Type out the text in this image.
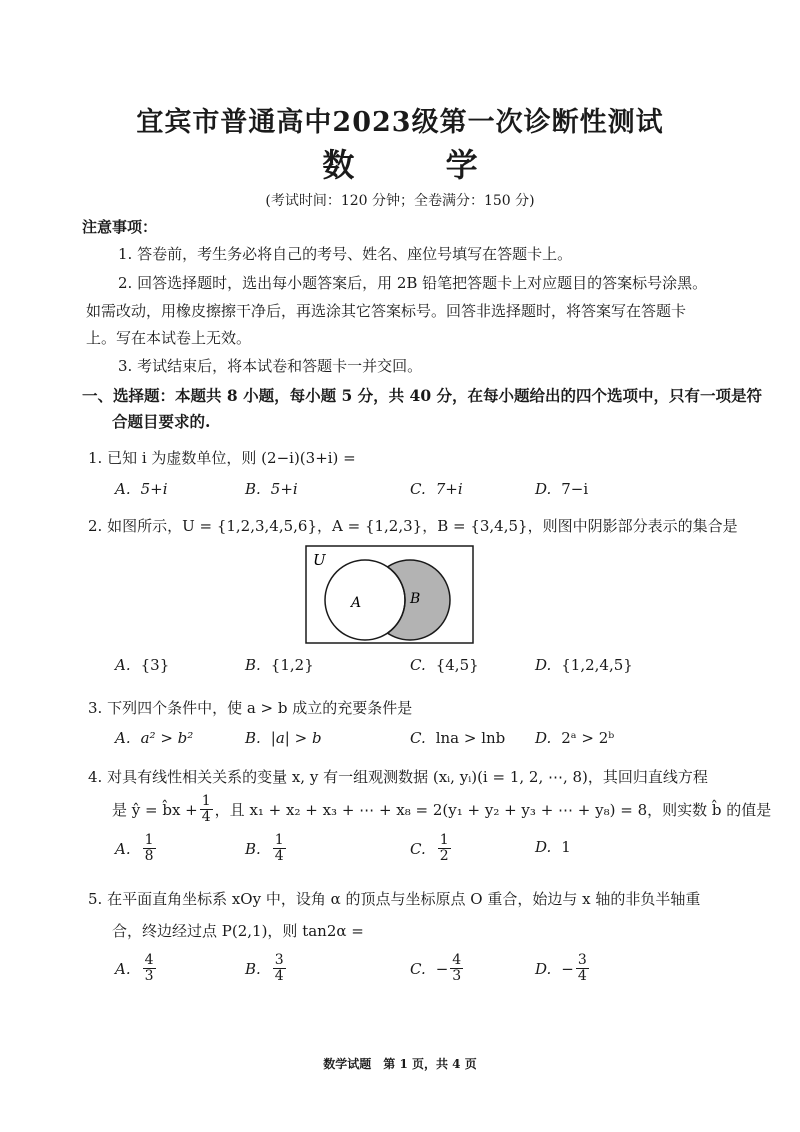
宜宾市普通高中2023级第一次诊断性测试
数 学
(考试时间：120 分钟；全卷满分：150 分)
注意事项：
1. 答卷前，考生务必将自己的考号、姓名、座位号填写在答题卡上。
2. 回答选择题时，选出每小题答案后，用 2B 铅笔把答题卡上对应题目的答案标号涂黑。
如需改动，用橡皮擦擦干净后，再选涂其它答案标号。回答非选择题时，将答案写在答题卡
上。写在本试卷上无效。
3. 考试结束后，将本试卷和答题卡一并交回。
一、选择题：本题共 8 小题，每小题 5 分，共 40 分，在每小题给出的四个选项中，只有一项是符
合题目要求的.
1. 已知 i 为虚数单位，则 (2−i)(3+i) =
A. 5+i	B. 5+i	C. 7+i	D. 7−i
2. 如图所示，U = {1,2,3,4,5,6}，A = {1,2,3}，B = {3,4,5}，则图中阴影部分表示的集合是
U
A	B
A. {3}	B. {1,2}	C. {4,5}	D. {1,2,4,5}
3. 下列四个条件中，使 a > b 成立的充要条件是
A. a² > b²	B. |a| > b	C. lna > lnb D. 2ᵃ > 2ᵇ
4. 对具有线性相关关系的变量 x, y 有一组观测数据 (xᵢ, yᵢ)(i = 1, 2, ⋯, 8)，其回归直线方程
是 ŷ = b̂x + $\frac{1}{4}$ ，且 x₁ + x₂ + x₃ + ⋯ + x₈ = 2(y₁ + y₂ + y₃ + ⋯ + y₈) = 8，则实数 b̂ 的值是
A. $\frac{1}{8}$	B. $\frac{1}{4}$	C. $\frac{1}{2}$	D. 1
5. 在平面直角坐标系 xOy 中，设角 α 的顶点与坐标原点 O 重合，始边与 x 轴的非负半轴重
合，终边经过点 P(2,1)，则 tan2α =
A. $\frac{4}{3}$	B. $\frac{3}{4}$	C. − $\frac{4}{3}$	D. − $\frac{3}{4}$
数学试题　第 1 页，共 4 页
